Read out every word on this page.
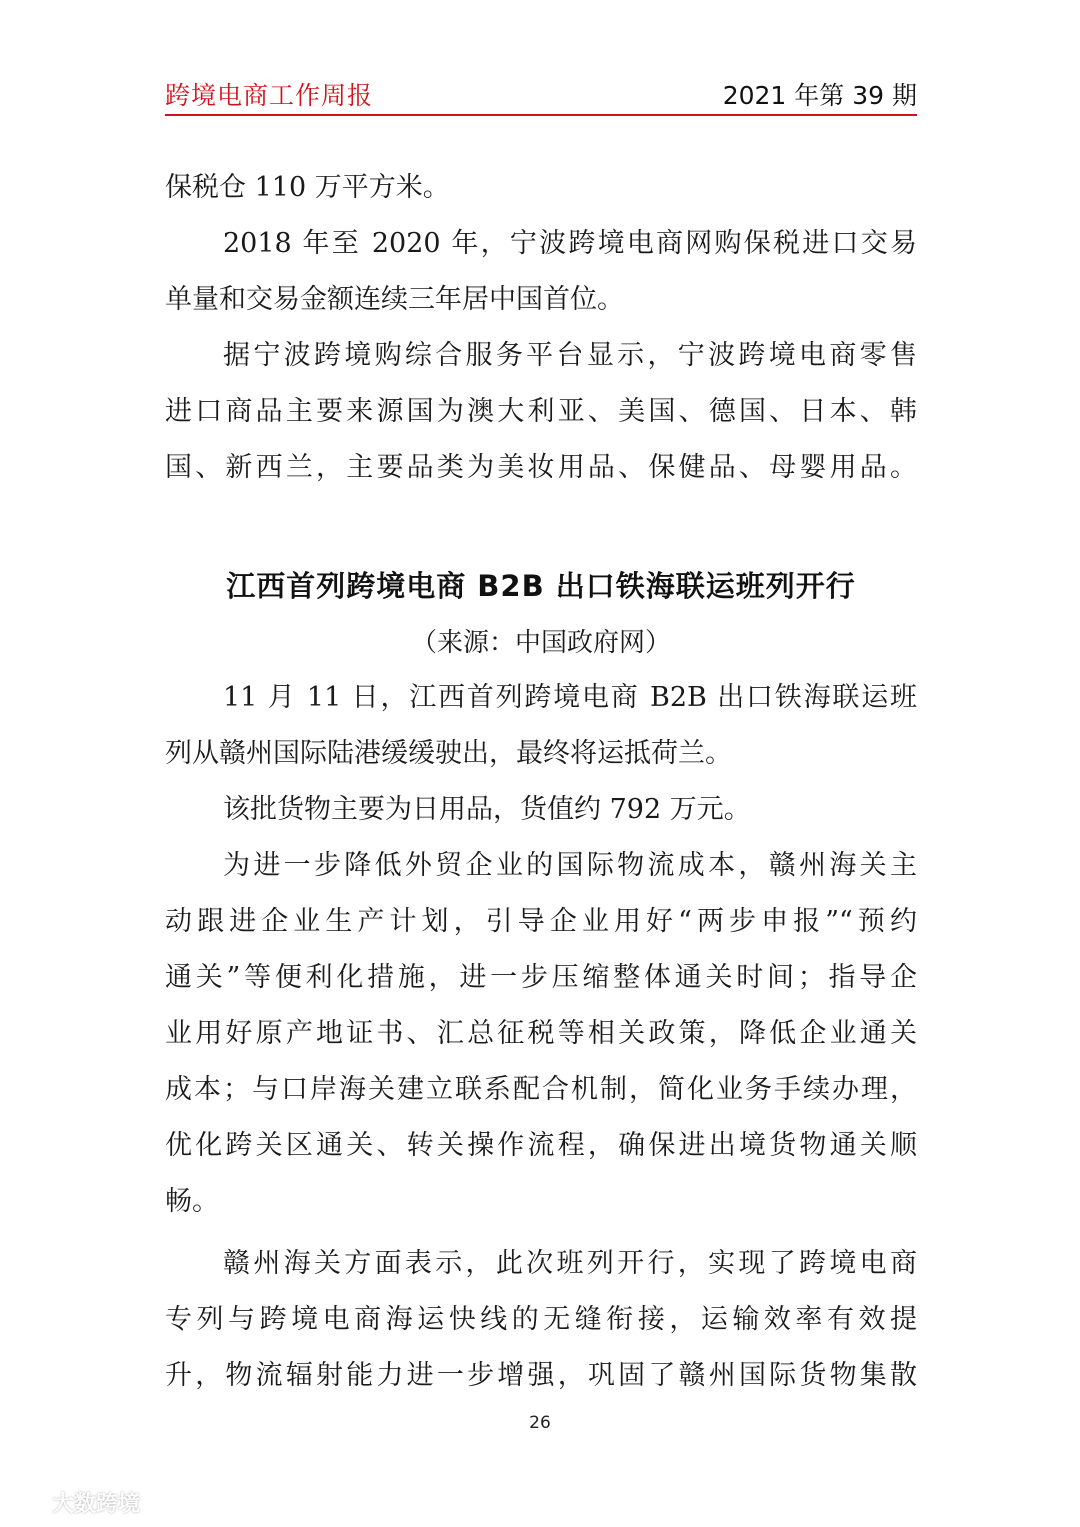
跨境电商工作周报	2021 年第 39 期
保税仓 110 万平方米。
2018 年至 2020 年，宁波跨境电商网购保税进口交易
单量和交易金额连续三年居中国首位。
据宁波跨境购综合服务平台显示，宁波跨境电商零售
进口商品主要来源国为澳大利亚、美国、德国、日本、韩
国、新西兰，主要品类为美妆用品、保健品、母婴用品。
江西首列跨境电商 B2B 出口铁海联运班列开行
（来源：中国政府网）
11 月 11 日，江西首列跨境电商 B2B 出口铁海联运班
列从赣州国际陆港缓缓驶出，最终将运抵荷兰。
该批货物主要为日用品，货值约 792 万元。
为进一步降低外贸企业的国际物流成本，赣州海关主
动跟进企业生产计划，引导企业用好“两步申报”“预约
通关”等便利化措施，进一步压缩整体通关时间；指导企
业用好原产地证书、汇总征税等相关政策，降低企业通关
成本；与口岸海关建立联系配合机制，简化业务手续办理，
优化跨关区通关、转关操作流程，确保进出境货物通关顺
畅。
赣州海关方面表示，此次班列开行，实现了跨境电商
专列与跨境电商海运快线的无缝衔接，运输效率有效提
升，物流辐射能力进一步增强，巩固了赣州国际货物集散
26
大数跨境
